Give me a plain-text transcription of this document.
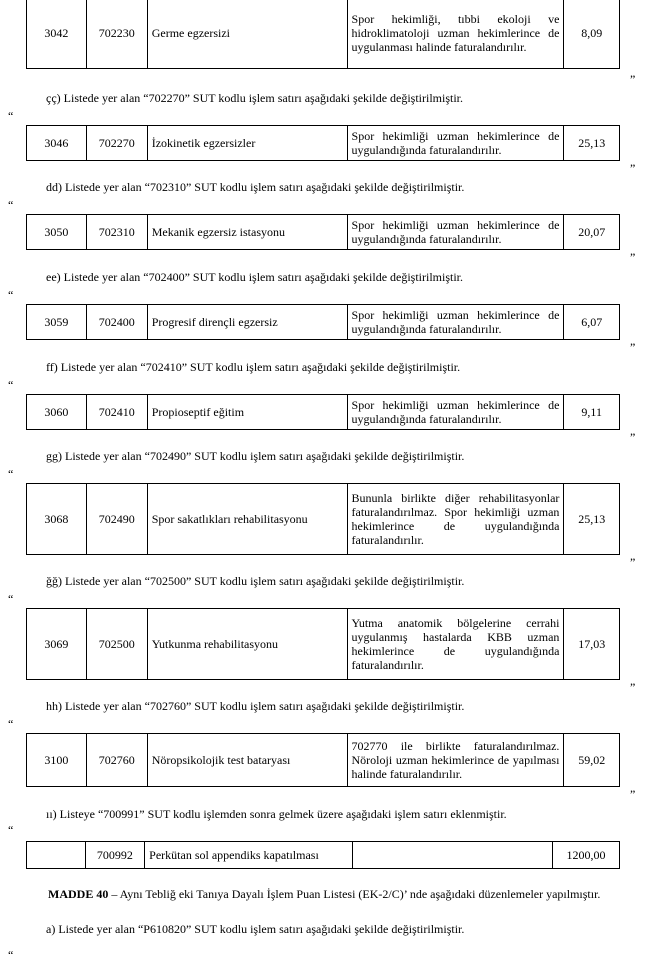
3042	702230	Germe egzersizi	Spor hekimliği, tıbbi ekoloji ve hidroklimatoloji uzman hekimlerince de uygulanması halinde faturalandırılır.	8,09
”
çç) Listede yer alan “702270” SUT kodlu işlem satırı aşağıdaki şekilde değiştirilmiştir.
“
3046	702270	İzokinetik egzersizler	Spor hekimliği uzman hekimlerince de uygulandığında faturalandırılır.	25,13
”
dd) Listede yer alan “702310” SUT kodlu işlem satırı aşağıdaki şekilde değiştirilmiştir.
“
3050	702310	Mekanik egzersiz istasyonu	Spor hekimliği uzman hekimlerince de uygulandığında faturalandırılır.	20,07
”
ee) Listede yer alan “702400” SUT kodlu işlem satırı aşağıdaki şekilde değiştirilmiştir.
“
3059	702400	Progresif dirençli egzersiz	Spor hekimliği uzman hekimlerince de uygulandığında faturalandırılır.	6,07
”
ff) Listede yer alan “702410” SUT kodlu işlem satırı aşağıdaki şekilde değiştirilmiştir.
“
3060	702410	Propioseptif eğitim	Spor hekimliği uzman hekimlerince de uygulandığında faturalandırılır.	9,11
”
gg) Listede yer alan “702490” SUT kodlu işlem satırı aşağıdaki şekilde değiştirilmiştir.
“
3068	702490	Spor sakatlıkları rehabilitasyonu	Bununla birlikte diğer rehabilitasyonlar faturalandırılmaz. Spor hekimliği uzman hekimlerince de uygulandığında faturalandırılır.	25,13
”
ğğ) Listede yer alan “702500” SUT kodlu işlem satırı aşağıdaki şekilde değiştirilmiştir.
“
3069	702500	Yutkunma rehabilitasyonu	Yutma anatomik bölgelerine cerrahi uygulanmış hastalarda KBB uzman hekimlerince de uygulandığında faturalandırılır.	17,03
”
hh) Listede yer alan “702760” SUT kodlu işlem satırı aşağıdaki şekilde değiştirilmiştir.
“
3100	702760	Nöropsikolojik test bataryası	702770 ile birlikte faturalandırılmaz. Nöroloji uzman hekimlerince de yapılması halinde faturalandırılır.	59,02
”
ıı) Listeye “700991” SUT kodlu işlemden sonra gelmek üzere aşağıdaki işlem satırı eklenmiştir.
“
	700992	Perkütan sol appendiks kapatılması		1200,00
MADDE 40 – Aynı Tebliğ eki Tanıya Dayalı İşlem Puan Listesi (EK-2/C)’ nde aşağıdaki düzenlemeler yapılmıştır.
a) Listede yer alan “P610820” SUT kodlu işlem satırı aşağıdaki şekilde değiştirilmiştir.
“
